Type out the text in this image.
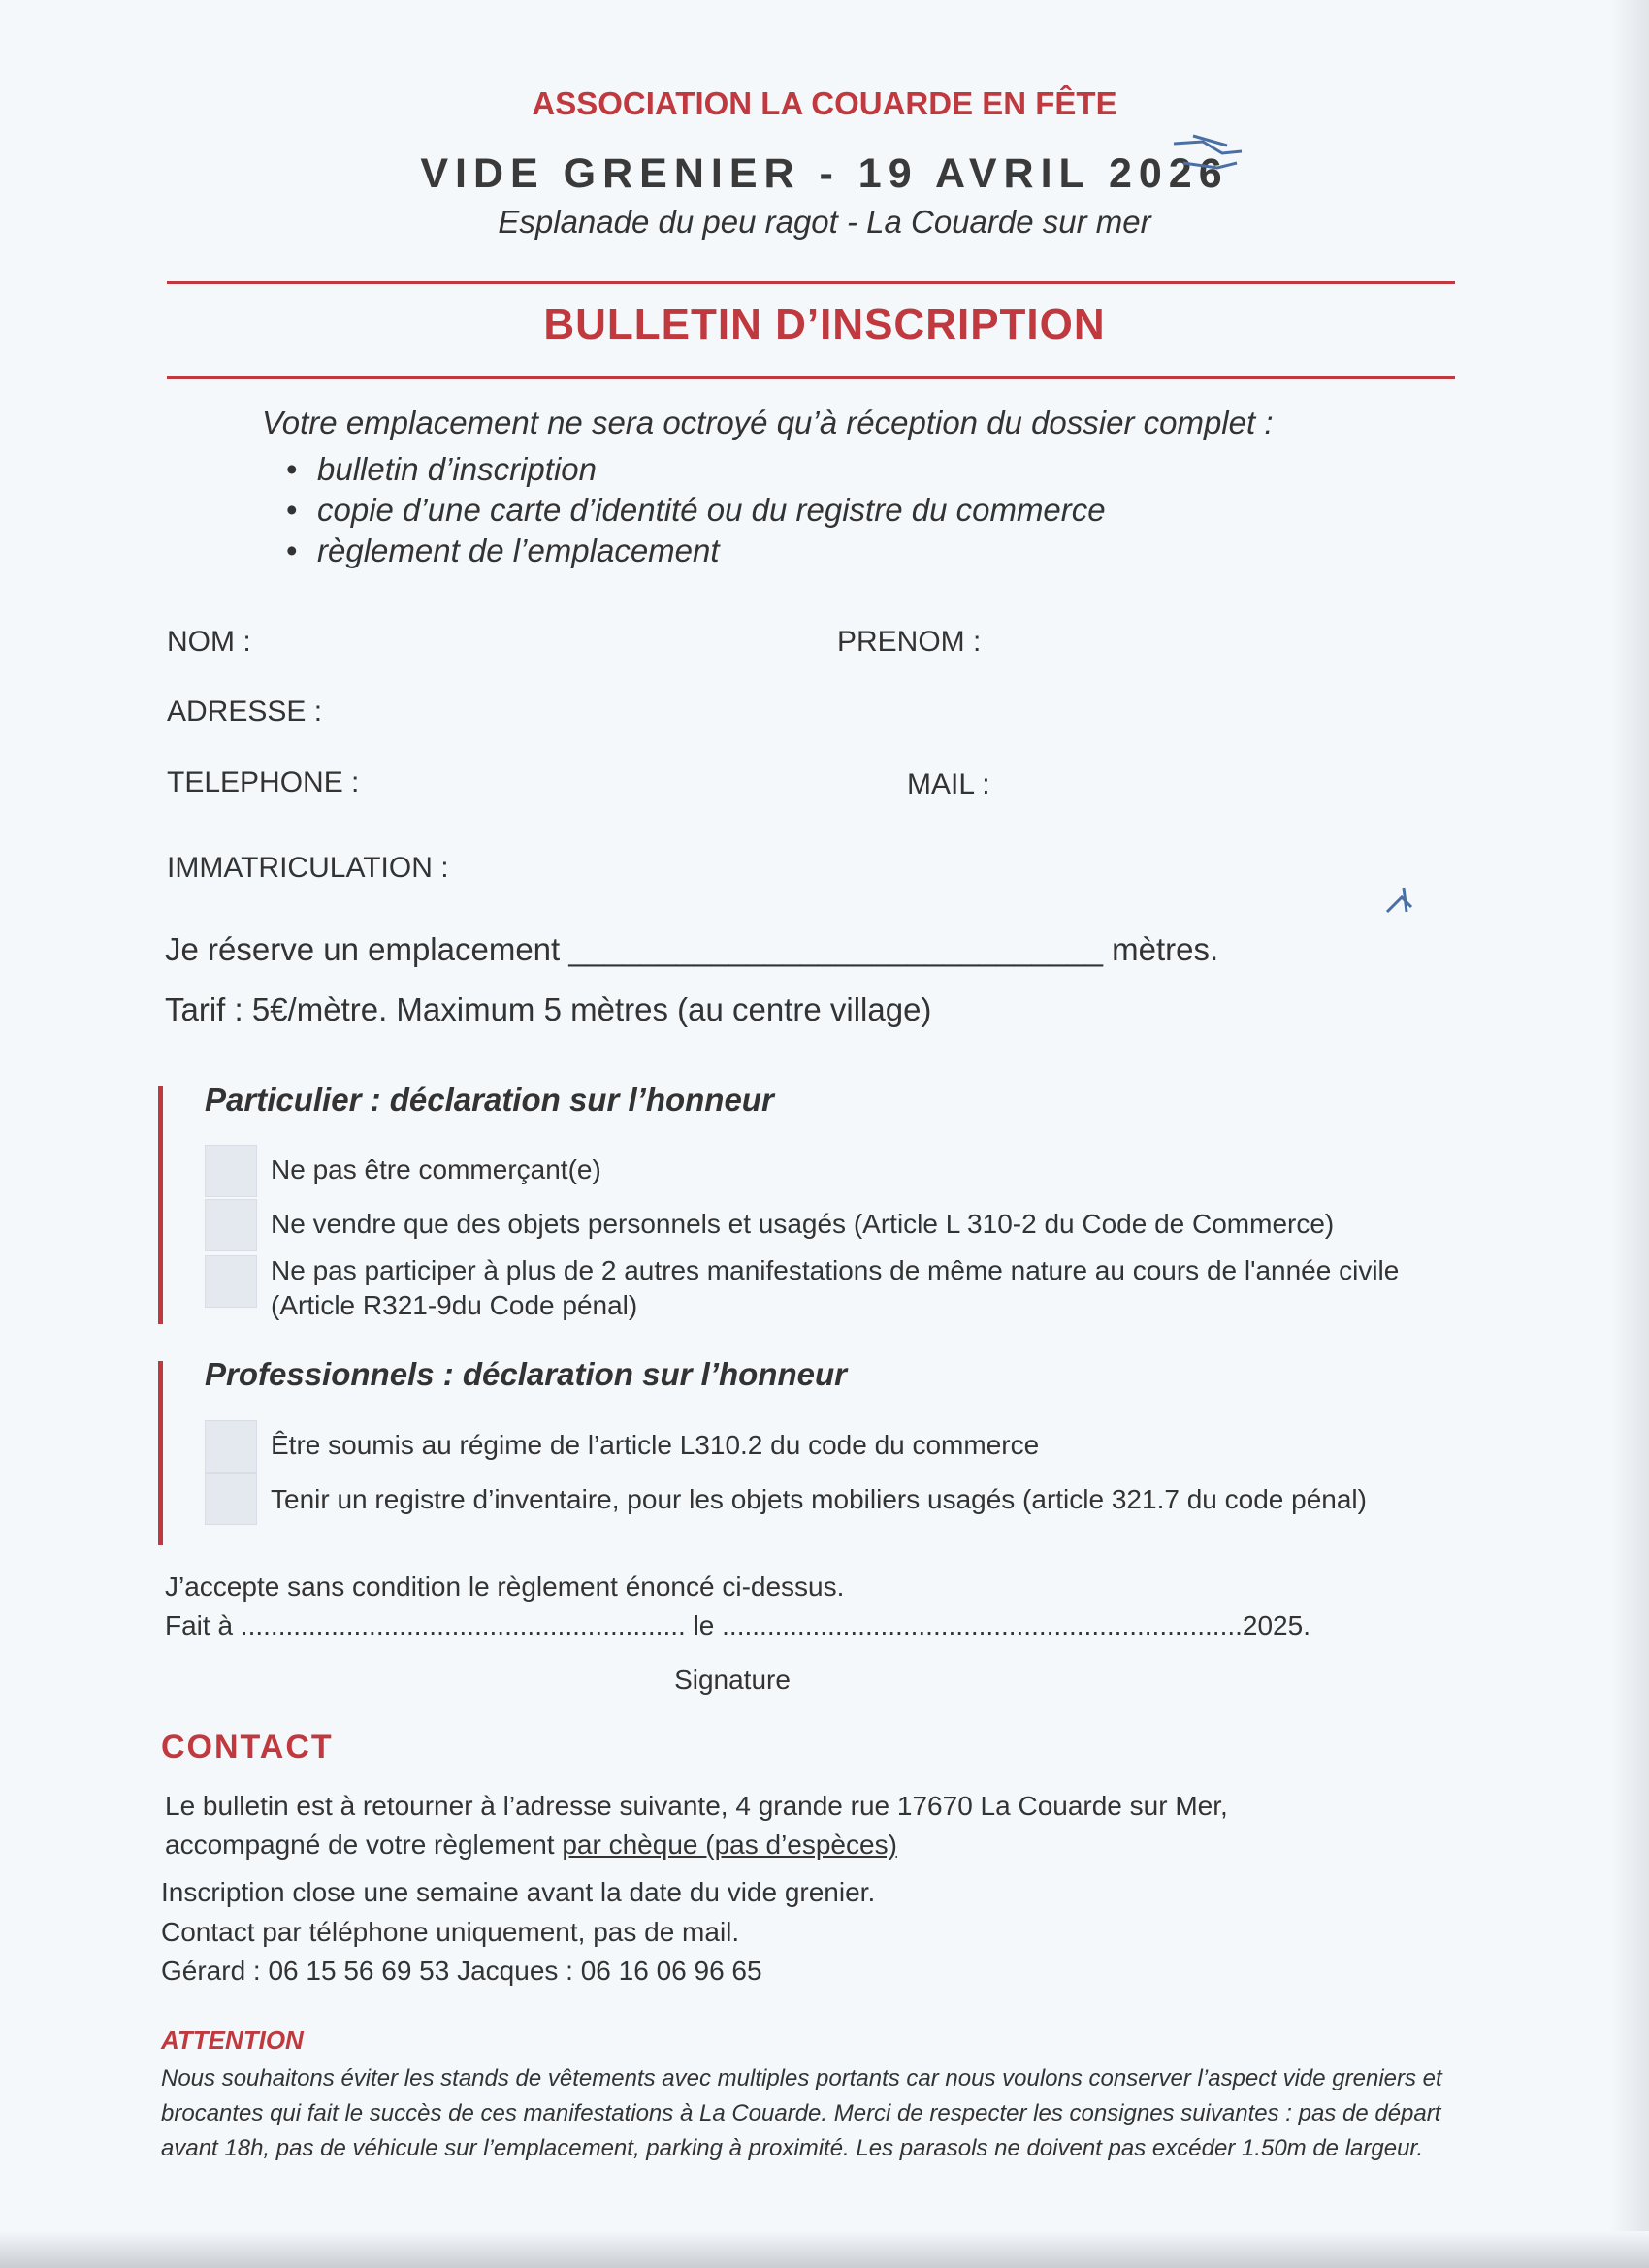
ASSOCIATION LA COUARDE EN FÊTE
VIDE GRENIER - 19 AVRIL 2026
Esplanade du peu ragot - La Couarde sur mer
BULLETIN D’INSCRIPTION
Votre emplacement ne sera octroyé qu’à réception du dossier complet :
• bulletin d’inscription
• copie d’une carte d’identité ou du registre du commerce
• règlement de l’emplacement
NOM :	PRENOM :
ADRESSE :
TELEPHONE :	MAIL :
IMMATRICULATION :
Je réserve un emplacement ______________________________ mètres.
Tarif : 5€/mètre. Maximum 5 mètres (au centre village)
Particulier : déclaration sur l’honneur
Ne pas être commerçant(e)
Ne vendre que des objets personnels et usagés (Article L 310-2 du Code de Commerce)
Ne pas participer à plus de 2 autres manifestations de même nature au cours de l'année civile
(Article R321-9du Code pénal)
Professionnels : déclaration sur l’honneur
Être soumis au régime de l’article L310.2 du code du commerce
Tenir un registre d’inventaire, pour les objets mobiliers usagés (article 321.7 du code pénal)
J’accepte sans condition le règlement énoncé ci-dessus.
Fait à ........................................................... le .....................................................................2025.
Signature
CONTACT
Le bulletin est à retourner à l’adresse suivante, 4 grande rue 17670 La Couarde sur Mer,
accompagné de votre règlement par chèque (pas d’espèces)
Inscription close une semaine avant la date du vide grenier.
Contact par téléphone uniquement, pas de mail.
Gérard : 06 15 56 69 53 Jacques : 06 16 06 96 65
ATTENTION
Nous souhaitons éviter les stands de vêtements avec multiples portants car nous voulons conserver l’aspect vide greniers et brocantes qui fait le succès de ces manifestations à La Couarde. Merci de respecter les consignes suivantes : pas de départ avant 18h, pas de véhicule sur l’emplacement, parking à proximité. Les parasols ne doivent pas excéder 1.50m de largeur.
